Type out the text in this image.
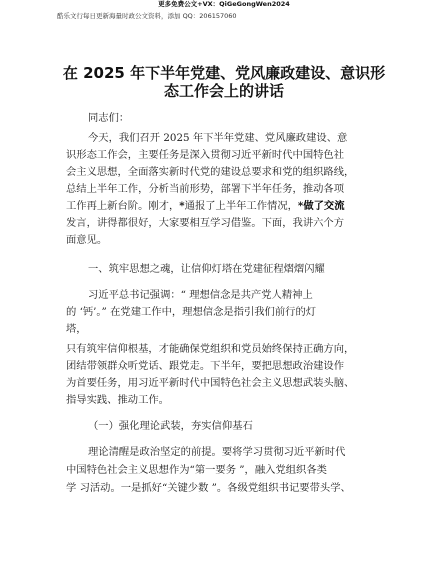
更多免费公文+VX：QiGeGongWen2024
酷乐文行每日更新海量时政公文资料，添加 QQ：206157060
在 2025 年下半年党建、党风廉政建设、意识形
态工作会上的讲话
同志们：
今天，我们召开 2025 年下半年党建、党风廉政建设、意
识形态工作会，主要任务是深入贯彻习近平新时代中国特色社
会主义思想，全面落实新时代党的建设总要求和党的组织路线，
总结上半年工作，分析当前形势，部署下半年任务，推动各项
工作再上新台阶。刚才，*通报了上半年工作情况，*做了交流
发言，讲得都很好，大家要相互学习借鉴。下面，我讲六个方
面意见。
一、筑牢思想之魂，让信仰灯塔在党建征程熠熠闪耀
习近平总书记强调：“ 理想信念是共产党人精神上
的 ‘钙’。” 在党建工作中，理想信念是指引我们前行的灯
塔，
只有筑牢信仰根基，才能确保党组织和党员始终保持正确方向，
团结带领群众听党话、跟党走。下半年，要把思想政治建设作
为首要任务，用习近平新时代中国特色社会主义思想武装头脑、
指导实践、推动工作。
（一）强化理论武装，夯实信仰基石
理论清醒是政治坚定的前提。要将学习贯彻习近平新时代
中国特色社会主义思想作为“第一要务 ”，融入党组织各类
学 习活动。一是抓好“关键少数 ”。各级党组织书记要带头学、
